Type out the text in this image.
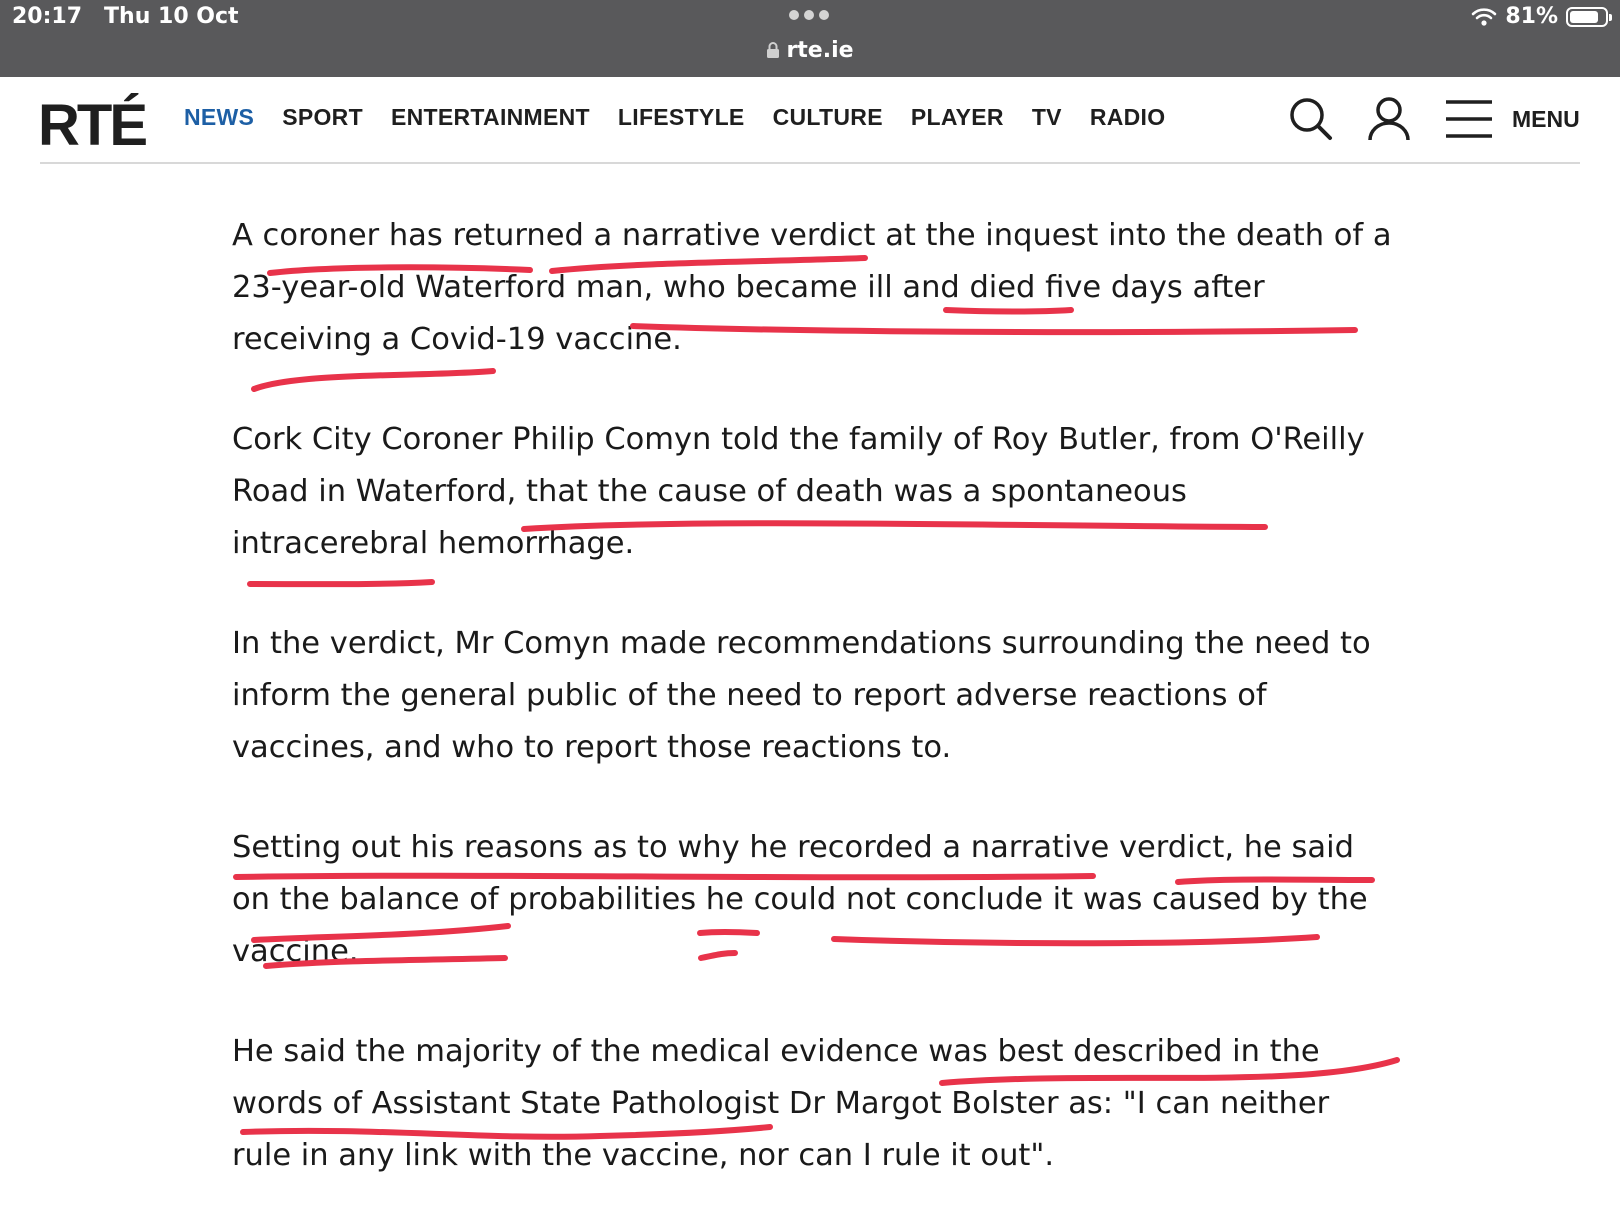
20:17 Thu 10 Oct
rte.ie
81%
RTÉ NEWS SPORT ENTERTAINMENT LIFESTYLE CULTURE PLAYER TV RADIO	MENU

A coroner has returned a narrative verdict at the inquest into the death of a 23-year-old Waterford man, who became ill and died five days after receiving a Covid-19 vaccine.

Cork City Coroner Philip Comyn told the family of Roy Butler, from O'Reilly Road in Waterford, that the cause of death was a spontaneous intracerebral hemorrhage.

In the verdict, Mr Comyn made recommendations surrounding the need to inform the general public of the need to report adverse reactions of vaccines, and who to report those reactions to.

Setting out his reasons as to why he recorded a narrative verdict, he said on the balance of probabilities he could not conclude it was caused by the vaccine.

He said the majority of the medical evidence was best described in the words of Assistant State Pathologist Dr Margot Bolster as: "I can neither rule in any link with the vaccine, nor can I rule it out".
